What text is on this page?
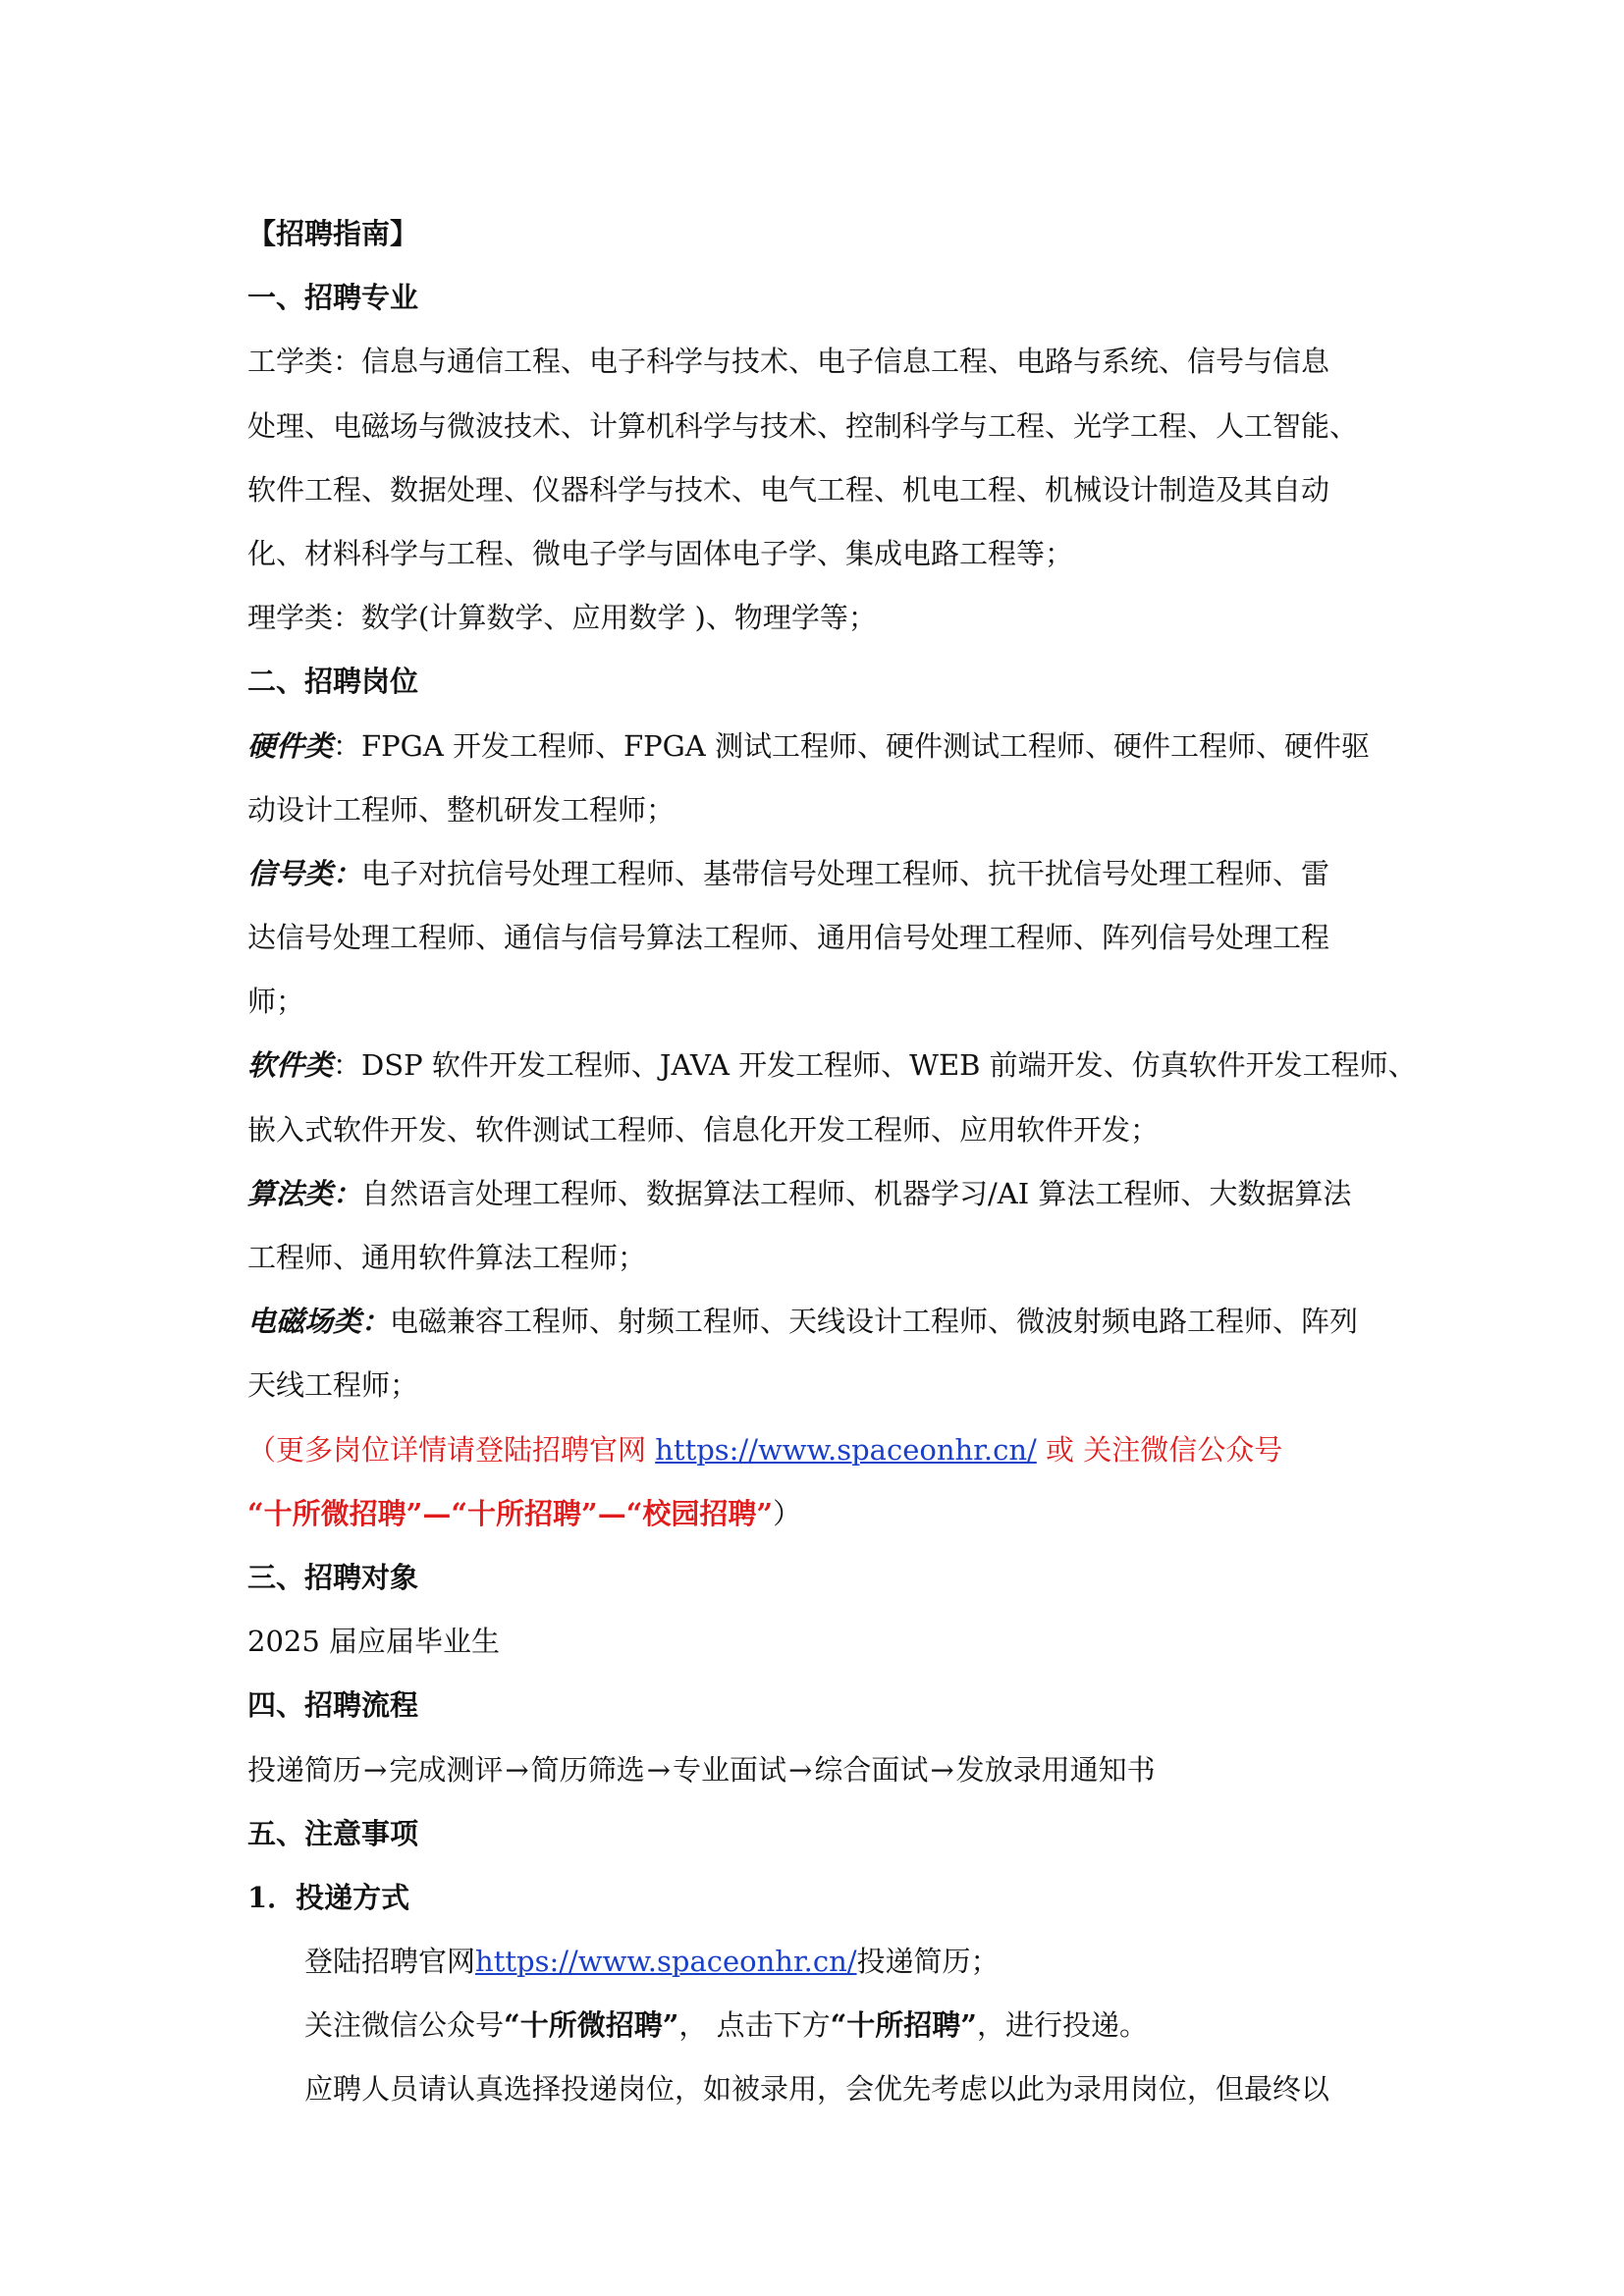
【招聘指南】
一、招聘专业
工学类：信息与通信工程、电子科学与技术、电子信息工程、电路与系统、信号与信息
处理、电磁场与微波技术、计算机科学与技术、控制科学与工程、光学工程、人工智能、
软件工程、数据处理、仪器科学与技术、电气工程、机电工程、机械设计制造及其自动
化、材料科学与工程、微电子学与固体电子学、集成电路工程等；
理学类：数学(计算数学、应用数学 )、物理学等；
二、招聘岗位
硬件类：FPGA 开发工程师、FPGA 测试工程师、硬件测试工程师、硬件工程师、硬件驱
动设计工程师、整机研发工程师；
信号类：电子对抗信号处理工程师、基带信号处理工程师、抗干扰信号处理工程师、雷
达信号处理工程师、通信与信号算法工程师、通用信号处理工程师、阵列信号处理工程
师；
软件类：DSP 软件开发工程师、JAVA 开发工程师、WEB 前端开发、仿真软件开发工程师、
嵌入式软件开发、软件测试工程师、信息化开发工程师、应用软件开发；
算法类：自然语言处理工程师、数据算法工程师、机器学习/AI 算法工程师、大数据算法
工程师、通用软件算法工程师；
电磁场类：电磁兼容工程师、射频工程师、天线设计工程师、微波射频电路工程师、阵列
天线工程师；
（更多岗位详情请登陆招聘官网 https://www.spaceonhr.cn/ 或 关注微信公众号
“十所微招聘”—“十所招聘”—“校园招聘”）
三、招聘对象
2025 届应届毕业生
四、招聘流程
投递简历→完成测评→简历筛选→专业面试→综合面试→发放录用通知书
五、注意事项
1．投递方式
登陆招聘官网https://www.spaceonhr.cn/投递简历；
关注微信公众号“十所微招聘”， 点击下方“十所招聘”，进行投递。
应聘人员请认真选择投递岗位，如被录用，会优先考虑以此为录用岗位，但最终以
